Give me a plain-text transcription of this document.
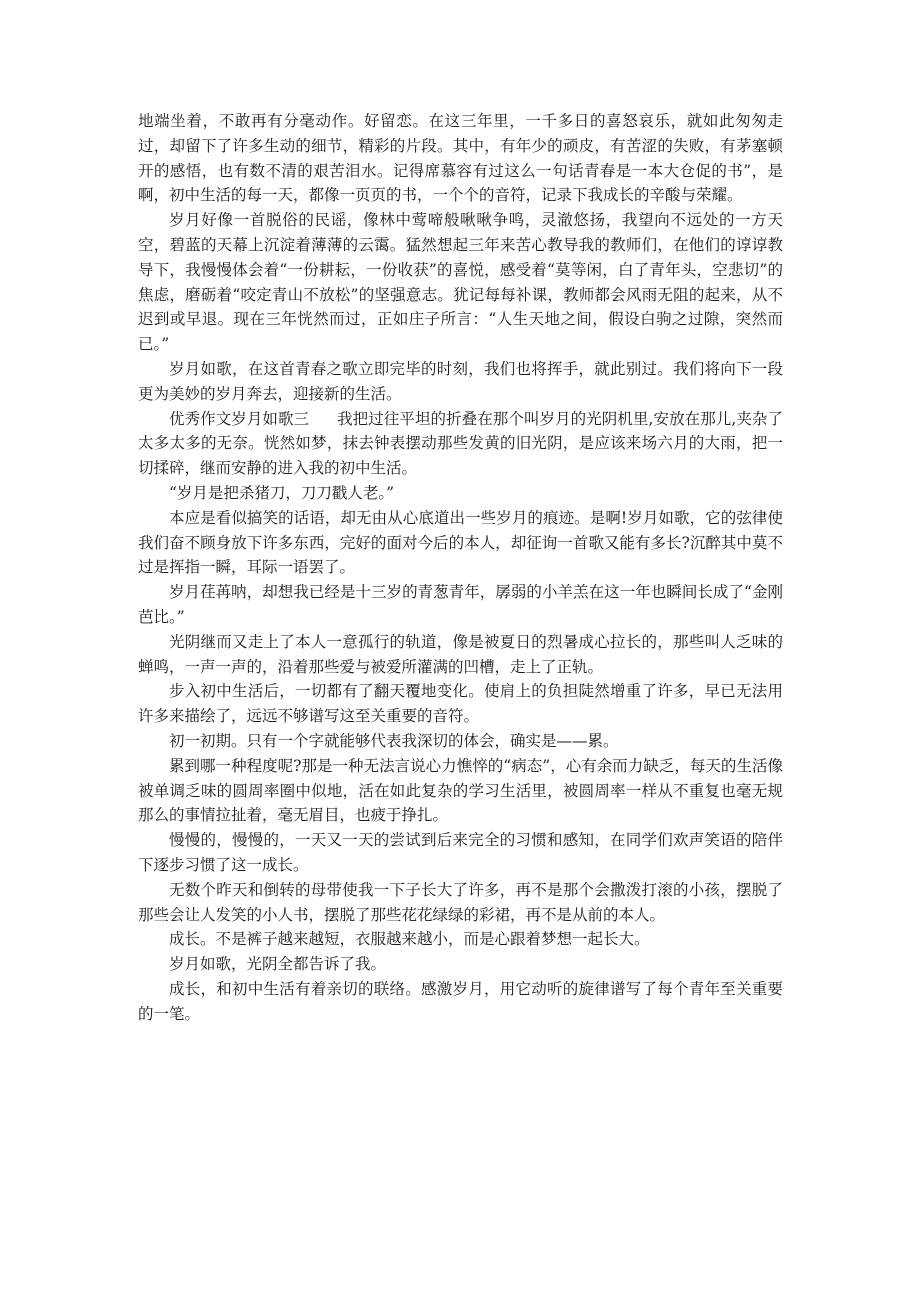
地端坐着，不敢再有分毫动作。好留恋。在这三年里，一千多日的喜怒哀乐，就如此匆匆走过，却留下了许多生动的细节，精彩的片段。其中，有年少的顽皮，有苦涩的失败，有茅塞顿开的感悟，也有数不清的艰苦泪水。记得席慕容有过这么一句话青春是一本大仓促的书”，是啊，初中生活的每一天，都像一页页的书，一个个的音符，记录下我成长的辛酸与荣耀。

岁月好像一首脱俗的民谣，像林中莺啼般啾啾争鸣，灵澈悠扬，我望向不远处的一方天空，碧蓝的天幕上沉淀着薄薄的云霭。猛然想起三年来苦心教导我的教师们，在他们的谆谆教导下，我慢慢体会着“一份耕耘，一份收获”的喜悦，感受着“莫等闲，白了青年头，空悲切”的焦虑，磨砺着“咬定青山不放松”的坚强意志。犹记每每补课，教师都会风雨无阻的起来，从不迟到或早退。现在三年恍然而过，正如庄子所言：“人生天地之间，假设白驹之过隙，突然而已。”

岁月如歌，在这首青春之歌立即完毕的时刻，我们也将挥手，就此别过。我们将向下一段更为美妙的岁月奔去，迎接新的生活。

优秀作文岁月如歌三 我把过往平坦的折叠在那个叫岁月的光阴机里,安放在那儿,夹杂了太多太多的无奈。恍然如梦，抹去钟表摆动那些发黄的旧光阴，是应该来场六月的大雨，把一切揉碎，继而安静的进入我的初中生活。

“岁月是把杀猪刀，刀刀戳人老。”

本应是看似搞笑的话语，却无由从心底道出一些岁月的痕迹。是啊!岁月如歌，它的弦律使我们奋不顾身放下许多东西，完好的面对今后的本人，却征询一首歌又能有多长?沉醉其中莫不过是挥指一瞬，耳际一语罢了。

岁月荏苒呐，却想我已经是十三岁的青葱青年，孱弱的小羊羔在这一年也瞬间长成了“金刚芭比。”

光阴继而又走上了本人一意孤行的轨道，像是被夏日的烈暑成心拉长的，那些叫人乏味的蝉鸣，一声一声的，沿着那些爱与被爱所灌满的凹槽，走上了正轨。

步入初中生活后，一切都有了翻天覆地变化。使肩上的负担陡然增重了许多，早已无法用许多来描绘了，远远不够谱写这至关重要的音符。

初一初期。只有一个字就能够代表我深切的体会，确实是——累。

累到哪一种程度呢?那是一种无法言说心力憔悴的“病态”，心有余而力缺乏，每天的生活像被单调乏味的圆周率圈中似地，活在如此复杂的学习生活里，被圆周率一样从不重复也毫无规那么的事情拉扯着，毫无眉目，也疲于挣扎。

慢慢的，慢慢的，一天又一天的尝试到后来完全的习惯和感知，在同学们欢声笑语的陪伴下逐步习惯了这一成长。

无数个昨天和倒转的母带使我一下子长大了许多，再不是那个会撒泼打滚的小孩，摆脱了那些会让人发笑的小人书，摆脱了那些花花绿绿的彩裙，再不是从前的本人。

成长。不是裤子越来越短，衣服越来越小，而是心跟着梦想一起长大。

岁月如歌，光阴全都告诉了我。

成长，和初中生活有着亲切的联络。感激岁月，用它动听的旋律谱写了每个青年至关重要的一笔。
